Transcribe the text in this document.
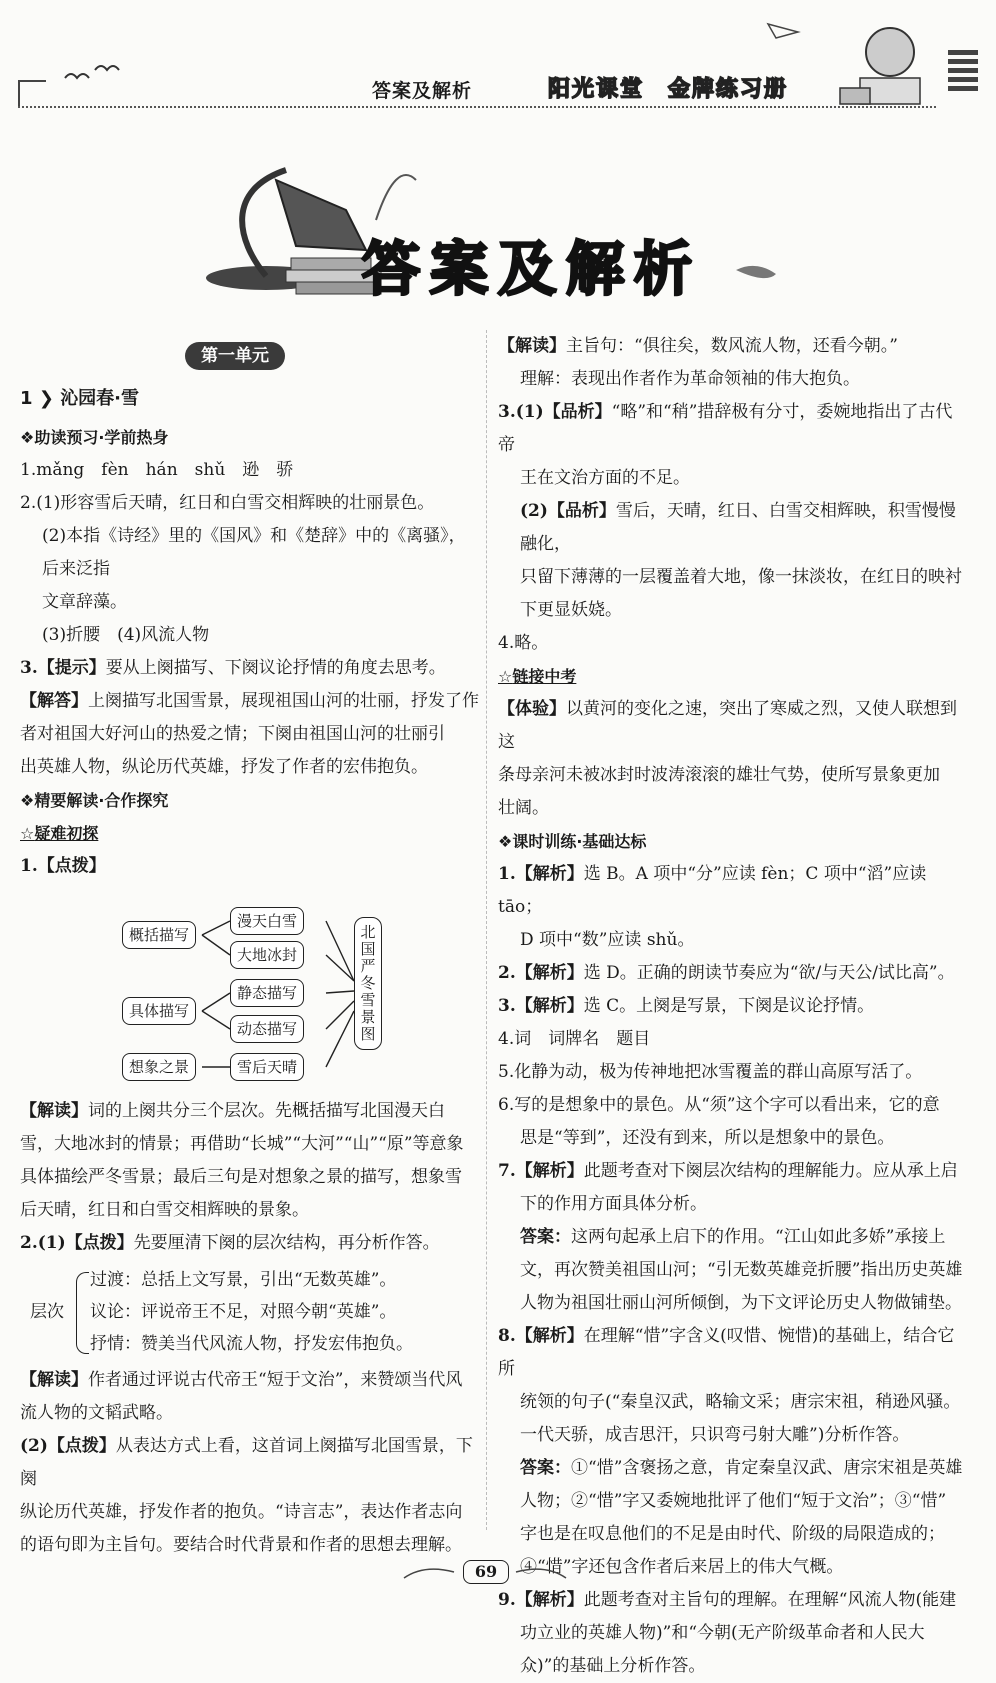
答案及解析	阳光课堂　金牌练习册
答案及解析
第一单元
1 ❯ 沁园春·雪

❖助读预习·学前热身

1.mǎng　fèn　hán　shǔ　逊　骄

2.(1)形容雪后天晴，红日和白雪交相辉映的壮丽景色。

(2)本指《诗经》里的《国风》和《楚辞》中的《离骚》，后来泛指

文章辞藻。

(3)折腰　(4)风流人物

3.【提示】要从上阕描写、下阕议论抒情的角度去思考。

【解答】上阕描写北国雪景，展现祖国山河的壮丽，抒发了作

者对祖国大好河山的热爱之情；下阕由祖国山河的壮丽引

出英雄人物，纵论历代英雄，抒发了作者的宏伟抱负。

❖精要解读·合作探究

☆疑难初探

1.【点拨】

概括描写
具体描写
想象之景
漫天白雪
大地冰封
静态描写
动态描写
雪后天晴
北国严冬雪景图

【解读】词的上阕共分三个层次。先概括描写北国漫天白

雪，大地冰封的情景；再借助“长城”“大河”“山”“原”等意象

具体描绘严冬雪景；最后三句是对想象之景的描写，想象雪

后天晴，红日和白雪交相辉映的景象。

2.(1)【点拨】先要厘清下阕的层次结构，再分析作答。

层次
过渡：总括上文写景，引出“无数英雄”。
议论：评说帝王不足，对照今朝“英雄”。
抒情：赞美当代风流人物，抒发宏伟抱负。

【解读】作者通过评说古代帝王“短于文治”，来赞颂当代风

流人物的文韬武略。

(2)【点拨】从表达方式上看，这首词上阕描写北国雪景，下阕

纵论历代英雄，抒发作者的抱负。“诗言志”，表达作者志向

的语句即为主旨句。要结合时代背景和作者的思想去理解。

【解读】主旨句：“俱往矣，数风流人物，还看今朝。”

理解：表现出作者作为革命领袖的伟大抱负。

3.(1)【品析】“略”和“稍”措辞极有分寸，委婉地指出了古代帝

王在文治方面的不足。

(2)【品析】雪后，天晴，红日、白雪交相辉映，积雪慢慢融化，

只留下薄薄的一层覆盖着大地，像一抹淡妆，在红日的映衬

下更显妖娆。

4.略。

☆链接中考

【体验】以黄河的变化之速，突出了寒威之烈，又使人联想到这

条母亲河未被冰封时波涛滚滚的雄壮气势，使所写景象更加

壮阔。

❖课时训练·基础达标

1.【解析】选 B。A 项中“分”应读 fèn；C 项中“滔”应读 tāo；

D 项中“数”应读 shǔ。

2.【解析】选 D。正确的朗读节奏应为“欲/与天公/试比高”。

3.【解析】选 C。上阕是写景，下阕是议论抒情。

4.词　词牌名　题目

5.化静为动，极为传神地把冰雪覆盖的群山高原写活了。

6.写的是想象中的景色。从“须”这个字可以看出来，它的意

思是“等到”，还没有到来，所以是想象中的景色。

7.【解析】此题考查对下阕层次结构的理解能力。应从承上启

下的作用方面具体分析。

答案：这两句起承上启下的作用。“江山如此多娇”承接上

文，再次赞美祖国山河；“引无数英雄竞折腰”指出历史英雄

人物为祖国壮丽山河所倾倒，为下文评论历史人物做铺垫。

8.【解析】在理解“惜”字含义(叹惜、惋惜)的基础上，结合它所

统领的句子(“秦皇汉武，略输文采；唐宗宋祖，稍逊风骚。

一代天骄，成吉思汗，只识弯弓射大雕”)分析作答。

答案：①“惜”含褒扬之意，肯定秦皇汉武、唐宗宋祖是英雄

人物；②“惜”字又委婉地批评了他们“短于文治”；③“惜”

字也是在叹息他们的不足是由时代、阶级的局限造成的；

④“惜”字还包含作者后来居上的伟大气概。

9.【解析】此题考查对主旨句的理解。在理解“风流人物(能建

功立业的英雄人物)”和“今朝(无产阶级革命者和人民大

众)”的基础上分析作答。

69
